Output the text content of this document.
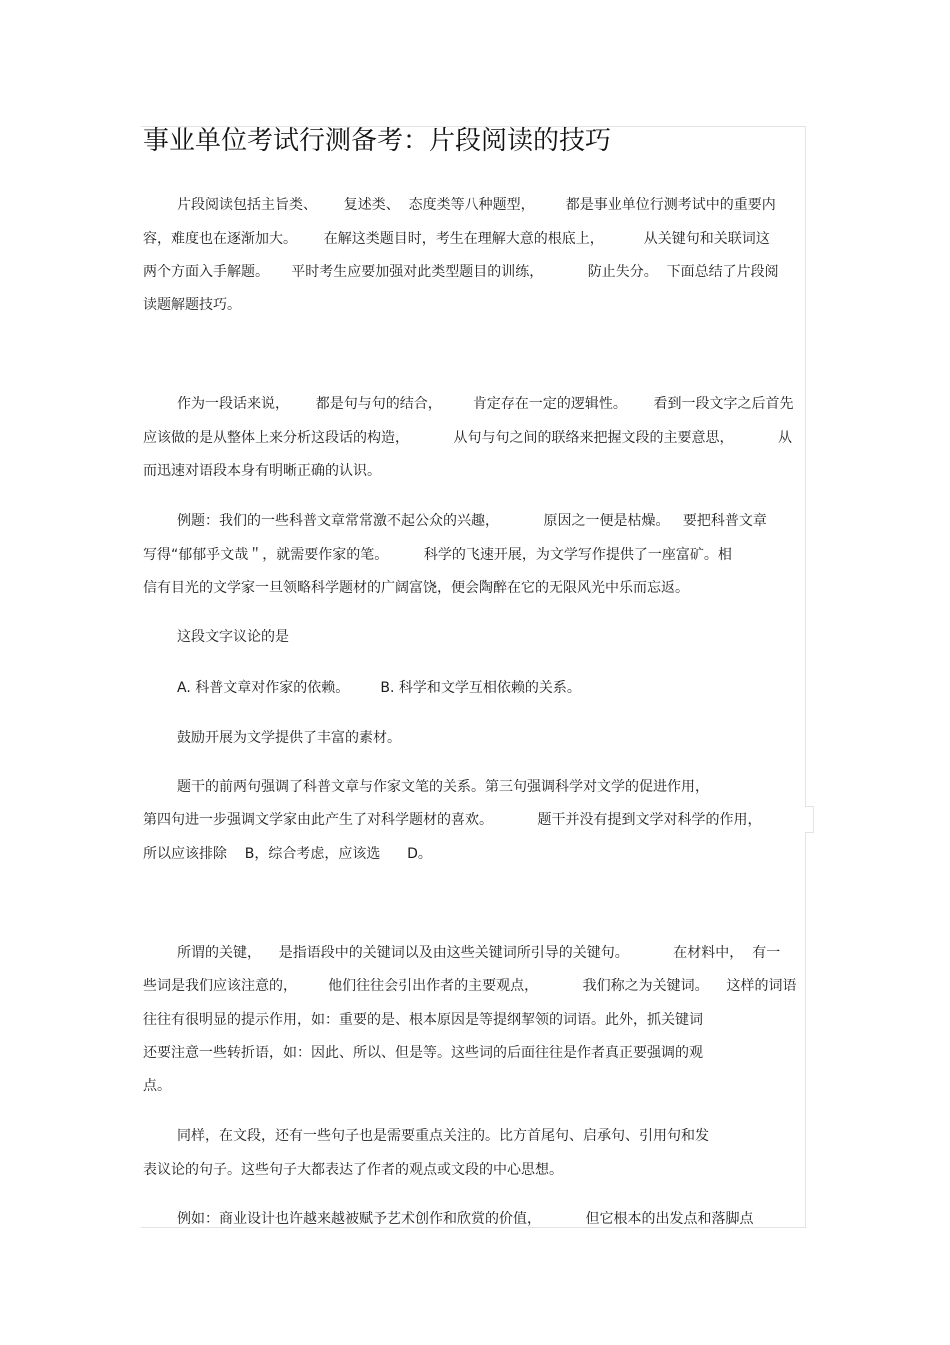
事业单位考试行测备考：片段阅读的技巧
片段阅读包括主旨类、      复述类、  态度类等八种题型，       都是事业单位行测考试中的重要内
容，难度也在逐渐加大。      在解这类题目时，考生在理解大意的根底上，         从关键句和关联词这
两个方面入手解题。     平时考生应要加强对此类型题目的训练，          防止失分。  下面总结了片段阅
读题解题技巧。
作为一段话来说，      都是句与句的结合，       肯定存在一定的逻辑性。      看到一段文字之后首先
应该做的是从整体上来分析这段话的构造，          从句与句之间的联络来把握文段的主要意思，          从
而迅速对语段本身有明晰正确的认识。
例题：我们的一些科普文章常常激不起公众的兴趣，          原因之一便是枯燥。   要把科普文章
写得“郁郁乎文哉＂，就需要作家的笔。        科学的飞速开展，为文学写作提供了一座富矿。相
信有目光的文学家一旦领略科学题材的广阔富饶，便会陶醉在它的无限风光中乐而忘返。
这段文字议论的是
A. 科普文章对作家的依赖。       B. 科学和文学互相依赖的关系。
鼓励开展为文学提供了丰富的素材。
题干的前两句强调了科普文章与作家文笔的关系。第三句强调科学对文学的促进作用，
第四句进一步强调文学家由此产生了对科学题材的喜欢。          题干并没有提到文学对科学的作用，
所以应该排除    B，综合考虑，应该选      D。
所谓的关键，    是指语段中的关键词以及由这些关键词所引导的关键句。          在材料中，  有一
些词是我们应该注意的，       他们往往会引出作者的主要观点，          我们称之为关键词。    这样的词语
往往有很明显的提示作用，如：重要的是、根本原因是等提纲挈领的词语。此外，抓关键词
还要注意一些转折语，如：因此、所以、但是等。这些词的后面往往是作者真正要强调的观
点。
同样，在文段，还有一些句子也是需要重点关注的。比方首尾句、启承句、引用句和发
表议论的句子。这些句子大都表达了作者的观点或文段的中心思想。
例如：商业设计也许越来越被赋予艺术创作和欣赏的价值，          但它根本的出发点和落脚点
